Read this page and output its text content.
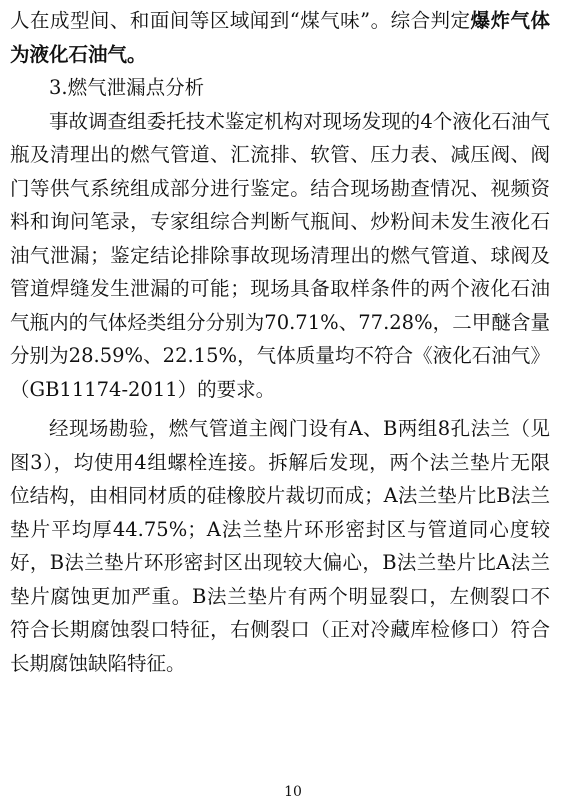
人在成型间、和面间等区域闻到“煤气味”。综合判定爆炸气体为液化石油气。

3.燃气泄漏点分析

事故调查组委托技术鉴定机构对现场发现的4个液化石油气瓶及清理出的燃气管道、汇流排、软管、压力表、减压阀、阀门等供气系统组成部分进行鉴定。结合现场勘查情况、视频资料和询问笔录，专家组综合判断气瓶间、炒粉间未发生液化石油气泄漏；鉴定结论排除事故现场清理出的燃气管道、球阀及管道焊缝发生泄漏的可能；现场具备取样条件的两个液化石油气瓶内的气体烃类组分分别为70.71%、77.28%，二甲醚含量分别为28.59%、22.15%，气体质量均不符合《液化石油气》（GB11174-2011）的要求。

经现场勘验，燃气管道主阀门设有A、B两组8孔法兰（见图3），均使用4组螺栓连接。拆解后发现，两个法兰垫片无限位结构，由相同材质的硅橡胶片裁切而成；A法兰垫片比B法兰垫片平均厚44.75%；A法兰垫片环形密封区与管道同心度较好，B法兰垫片环形密封区出现较大偏心，B法兰垫片比A法兰垫片腐蚀更加严重。B法兰垫片有两个明显裂口，左侧裂口不符合长期腐蚀裂口特征，右侧裂口（正对冷藏库检修口）符合长期腐蚀缺陷特征。

10
